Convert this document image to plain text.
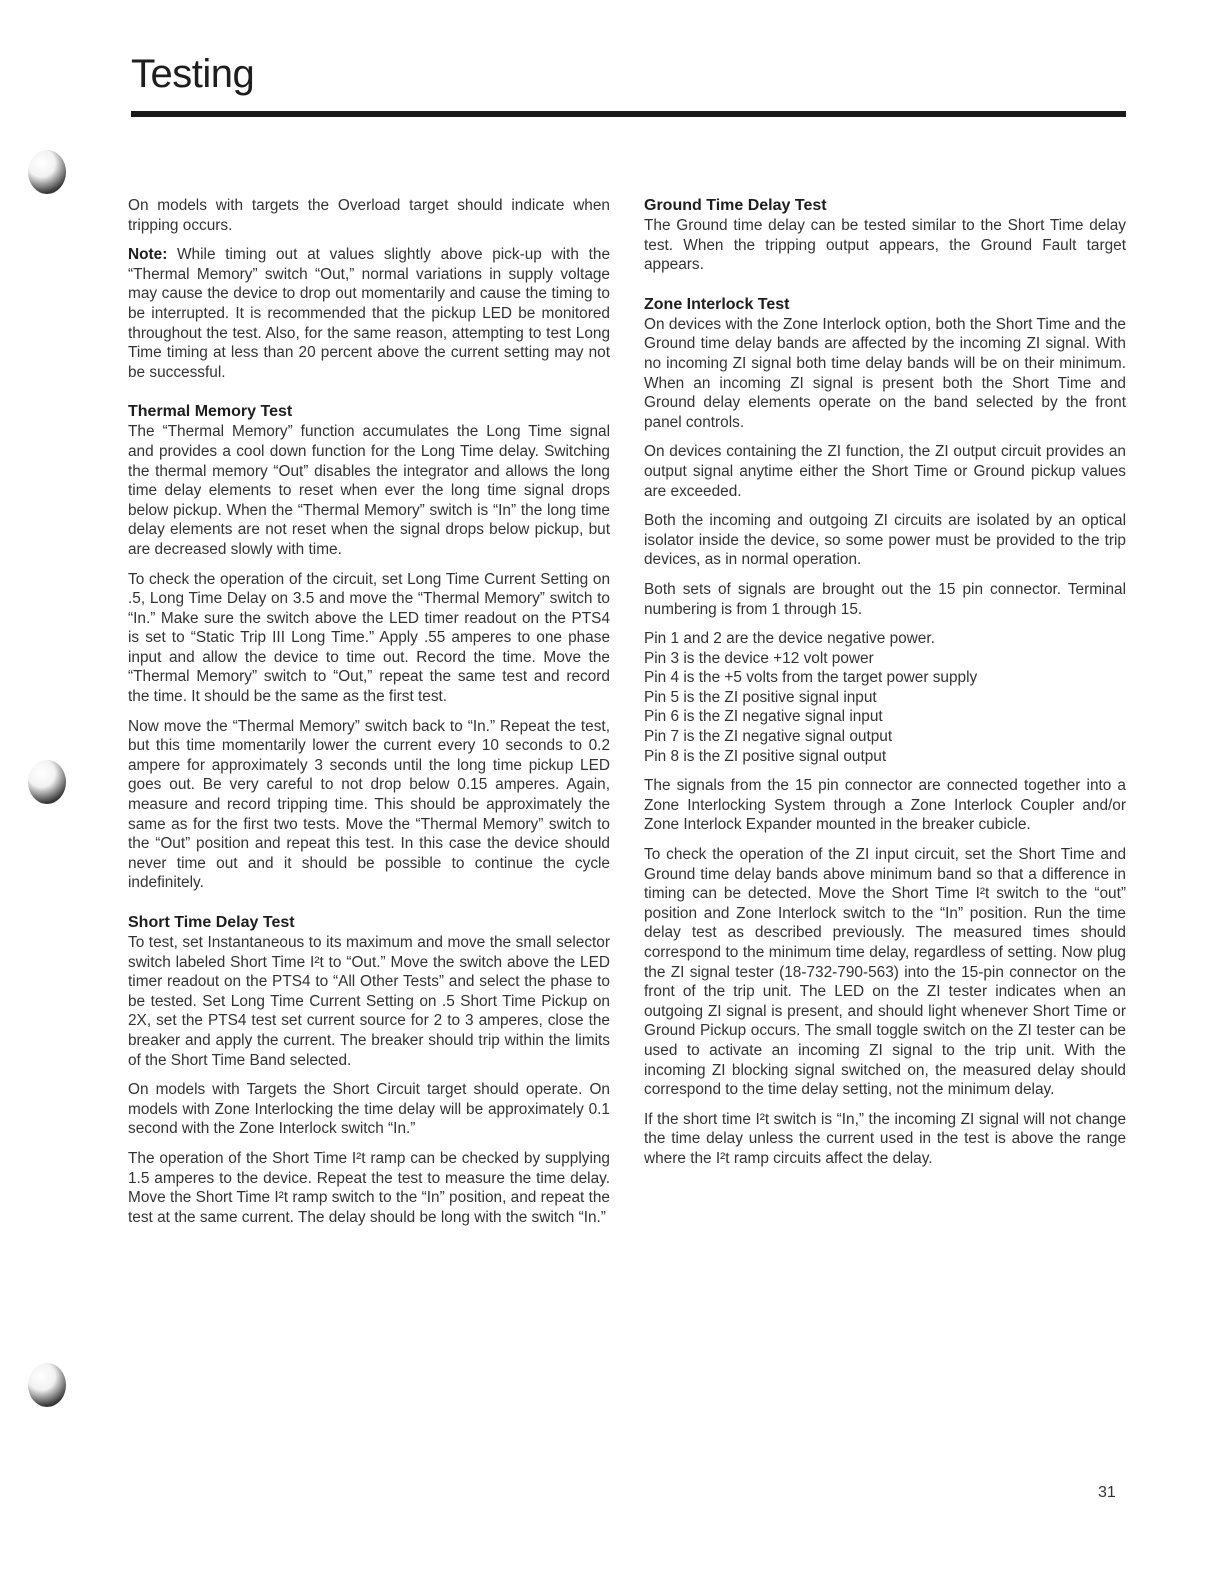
Testing

On models with targets the Overload target should indicate when tripping occurs.

Note: While timing out at values slightly above pick-up with the “Thermal Memory” switch “Out,” normal variations in supply voltage may cause the device to drop out momentarily and cause the timing to be interrupted. It is recommended that the pickup LED be monitored throughout the test. Also, for the same reason, attempting to test Long Time timing at less than 20 percent above the current setting may not be successful.

Thermal Memory Test

The “Thermal Memory” function accumulates the Long Time signal and provides a cool down function for the Long Time delay. Switching the thermal memory “Out” disables the integrator and allows the long time delay elements to reset when ever the long time signal drops below pickup. When the “Thermal Memory” switch is “In” the long time delay elements are not reset when the signal drops below pickup, but are decreased slowly with time.

To check the operation of the circuit, set Long Time Current Setting on .5, Long Time Delay on 3.5 and move the “Thermal Memory” switch to “In.” Make sure the switch above the LED timer readout on the PTS4 is set to “Static Trip III Long Time.” Apply .55 amperes to one phase input and allow the device to time out. Record the time. Move the “Thermal Memory” switch to “Out,” repeat the same test and record the time. It should be the same as the first test.

Now move the “Thermal Memory” switch back to “In.” Repeat the test, but this time momentarily lower the current every 10 seconds to 0.2 ampere for approximately 3 seconds until the long time pickup LED goes out. Be very careful to not drop below 0.15 amperes. Again, measure and record tripping time. This should be approximately the same as for the first two tests. Move the “Thermal Memory” switch to the “Out” position and repeat this test. In this case the device should never time out and it should be possible to continue the cycle indefinitely.

Short Time Delay Test

To test, set Instantaneous to its maximum and move the small selector switch labeled Short Time I²t to “Out.” Move the switch above the LED timer readout on the PTS4 to “All Other Tests” and select the phase to be tested. Set Long Time Current Setting on .5 Short Time Pickup on 2X, set the PTS4 test set current source for 2 to 3 amperes, close the breaker and apply the current. The breaker should trip within the limits of the Short Time Band selected.

On models with Targets the Short Circuit target should operate. On models with Zone Interlocking the time delay will be approximately 0.1 second with the Zone Interlock switch “In.”

The operation of the Short Time I²t ramp can be checked by supplying 1.5 amperes to the device. Repeat the test to measure the time delay. Move the Short Time I²t ramp switch to the “In” position, and repeat the test at the same current. The delay should be long with the switch “In.”

Ground Time Delay Test

The Ground time delay can be tested similar to the Short Time delay test. When the tripping output appears, the Ground Fault target appears.

Zone Interlock Test

On devices with the Zone Interlock option, both the Short Time and the Ground time delay bands are affected by the incoming ZI signal. With no incoming ZI signal both time delay bands will be on their minimum. When an incoming ZI signal is present both the Short Time and Ground delay elements operate on the band selected by the front panel controls.

On devices containing the ZI function, the ZI output circuit provides an output signal anytime either the Short Time or Ground pickup values are exceeded.

Both the incoming and outgoing ZI circuits are isolated by an optical isolator inside the device, so some power must be provided to the trip devices, as in normal operation.

Both sets of signals are brought out the 15 pin connector. Terminal numbering is from 1 through 15.

Pin 1 and 2 are the device negative power.
Pin 3 is the device +12 volt power
Pin 4 is the +5 volts from the target power supply
Pin 5 is the ZI positive signal input
Pin 6 is the ZI negative signal input
Pin 7 is the ZI negative signal output
Pin 8 is the ZI positive signal output

The signals from the 15 pin connector are connected together into a Zone Interlocking System through a Zone Interlock Coupler and/or Zone Interlock Expander mounted in the breaker cubicle.

To check the operation of the ZI input circuit, set the Short Time and Ground time delay bands above minimum band so that a difference in timing can be detected. Move the Short Time I²t switch to the “out” position and Zone Interlock switch to the “In” position. Run the time delay test as described previously. The measured times should correspond to the minimum time delay, regardless of setting. Now plug the ZI signal tester (18-732-790-563) into the 15-pin connector on the front of the trip unit. The LED on the ZI tester indicates when an outgoing ZI signal is present, and should light whenever Short Time or Ground Pickup occurs. The small toggle switch on the ZI tester can be used to activate an incoming ZI signal to the trip unit. With the incoming ZI blocking signal switched on, the measured delay should correspond to the time delay setting, not the minimum delay.

If the short time I²t switch is “In,” the incoming ZI signal will not change the time delay unless the current used in the test is above the range where the I²t ramp circuits affect the delay.

31
